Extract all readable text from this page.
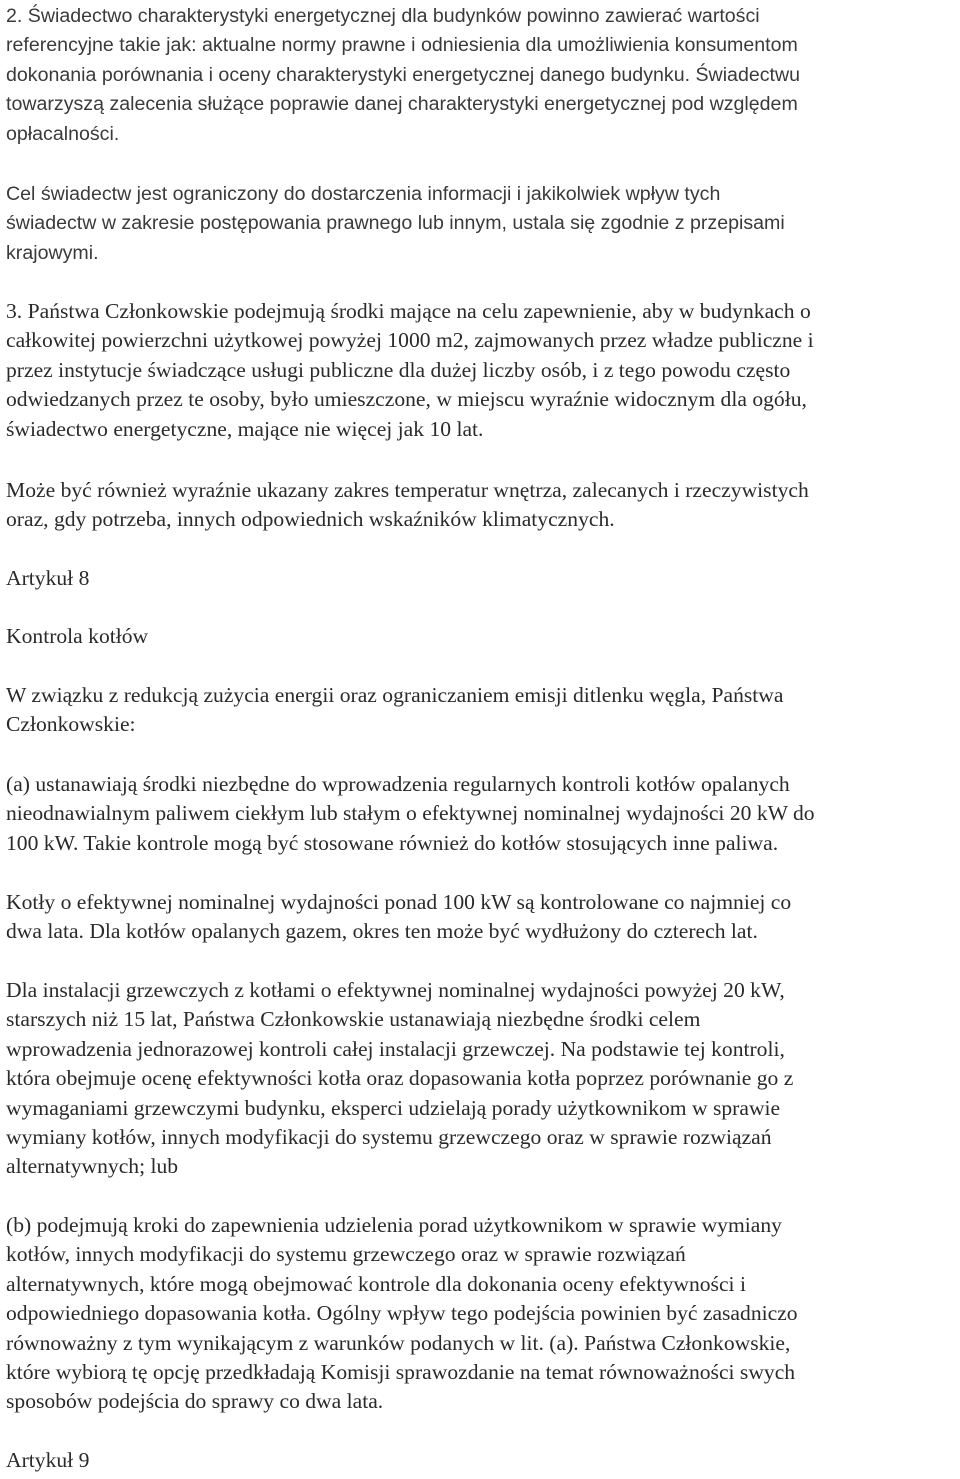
2. Świadectwo charakterystyki energetycznej dla budynków powinno zawierać wartości
referencyjne takie jak: aktualne normy prawne i odniesienia dla umożliwienia konsumentom
dokonania porównania i oceny charakterystyki energetycznej danego budynku. Świadectwu
towarzyszą zalecenia służące poprawie danej charakterystyki energetycznej pod względem
opłacalności.
Cel świadectw jest ograniczony do dostarczenia informacji i jakikolwiek wpływ tych
świadectw w zakresie postępowania prawnego lub innym, ustala się zgodnie z przepisami
krajowymi.
3. Państwa Członkowskie podejmują środki mające na celu zapewnienie, aby w budynkach o
całkowitej powierzchni użytkowej powyżej 1000 m2, zajmowanych przez władze publiczne i
przez instytucje świadczące usługi publiczne dla dużej liczby osób, i z tego powodu często
odwiedzanych przez te osoby, było umieszczone, w miejscu wyraźnie widocznym dla ogółu,
świadectwo energetyczne, mające nie więcej jak 10 lat.
Może być również wyraźnie ukazany zakres temperatur wnętrza, zalecanych i rzeczywistych
oraz, gdy potrzeba, innych odpowiednich wskaźników klimatycznych.
Artykuł 8
Kontrola kotłów
W związku z redukcją zużycia energii oraz ograniczaniem emisji ditlenku węgla, Państwa
Członkowskie:
(a) ustanawiają środki niezbędne do wprowadzenia regularnych kontroli kotłów opalanych
nieodnawialnym paliwem ciekłym lub stałym o efektywnej nominalnej wydajności 20 kW do
100 kW. Takie kontrole mogą być stosowane również do kotłów stosujących inne paliwa.
Kotły o efektywnej nominalnej wydajności ponad 100 kW są kontrolowane co najmniej co
dwa lata. Dla kotłów opalanych gazem, okres ten może być wydłużony do czterech lat.
Dla instalacji grzewczych z kotłami o efektywnej nominalnej wydajności powyżej 20 kW,
starszych niż 15 lat, Państwa Członkowskie ustanawiają niezbędne środki celem
wprowadzenia jednorazowej kontroli całej instalacji grzewczej. Na podstawie tej kontroli,
która obejmuje ocenę efektywności kotła oraz dopasowania kotła poprzez porównanie go z
wymaganiami grzewczymi budynku, eksperci udzielają porady użytkownikom w sprawie
wymiany kotłów, innych modyfikacji do systemu grzewczego oraz w sprawie rozwiązań
alternatywnych; lub
(b) podejmują kroki do zapewnienia udzielenia porad użytkownikom w sprawie wymiany
kotłów, innych modyfikacji do systemu grzewczego oraz w sprawie rozwiązań
alternatywnych, które mogą obejmować kontrole dla dokonania oceny efektywności i
odpowiedniego dopasowania kotła. Ogólny wpływ tego podejścia powinien być zasadniczo
równoważny z tym wynikającym z warunków podanych w lit. (a). Państwa Członkowskie,
które wybiorą tę opcję przedkładają Komisji sprawozdanie na temat równoważności swych
sposobów podejścia do sprawy co dwa lata.
Artykuł 9
